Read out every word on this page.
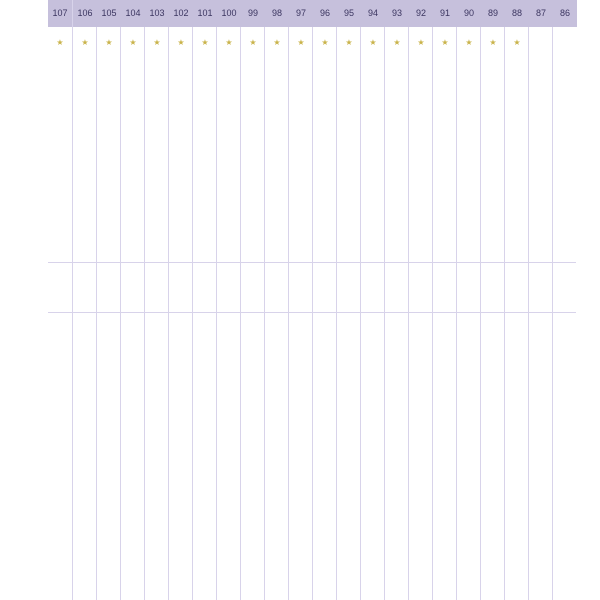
86
87
88
★
89
★
90
★
91
★
92
★
93
★
94
★
95
★
96
★
97
★
98
★
99
★
100
★
101
★
102
★
103
★
104
★
105
★
106
★
107
★
